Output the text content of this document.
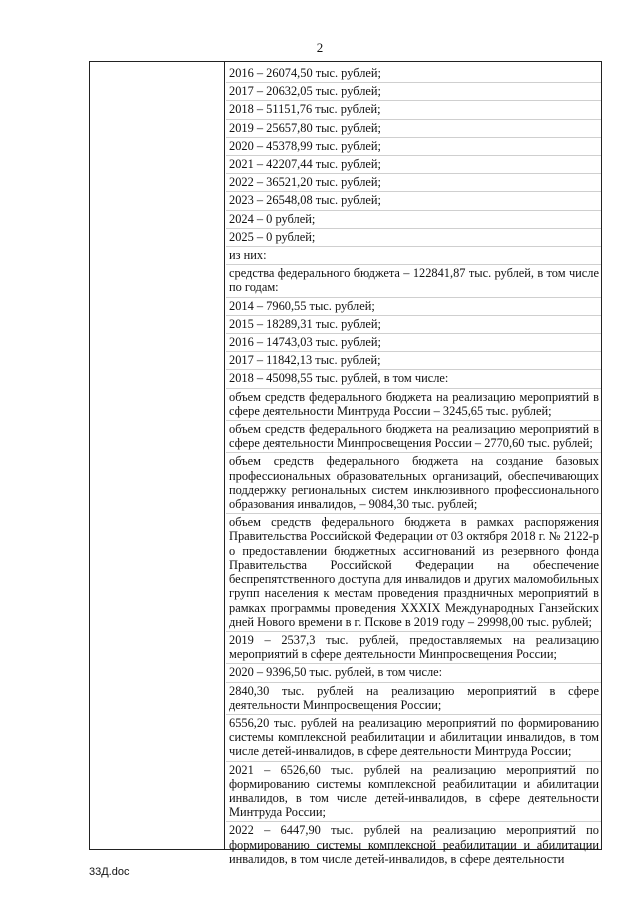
2
2016 – 26074,50 тыс. рублей;
2017 – 20632,05 тыс. рублей;
2018 – 51151,76 тыс. рублей;
2019 – 25657,80 тыс. рублей;
2020 – 45378,99 тыс. рублей;
2021 – 42207,44 тыс. рублей;
2022 – 36521,20 тыс. рублей;
2023 – 26548,08 тыс. рублей;
2024 – 0 рублей;
2025 – 0 рублей;
из них:
средства федерального бюджета – 122841,87 тыс. рублей, в том числе по годам:
2014 – 7960,55 тыс. рублей;
2015 – 18289,31 тыс. рублей;
2016 – 14743,03 тыс. рублей;
2017 – 11842,13 тыс. рублей;
2018 – 45098,55 тыс. рублей, в том числе:
объем средств федерального бюджета на реализацию мероприятий в сфере деятельности Минтруда России – 3245,65 тыс. рублей;
объем средств федерального бюджета на реализацию мероприятий в сфере деятельности Минпросвещения России – 2770,60 тыс. рублей;
объем средств федерального бюджета на создание базовых профессиональных образовательных организаций, обеспечивающих поддержку региональных систем инклюзивного профессионального образования инвалидов, – 9084,30 тыс. рублей;
объем средств федерального бюджета в рамках распоряжения Правительства Российской Федерации от 03 октября 2018 г. № 2122-р о предоставлении бюджетных ассигнований из резервного фонда Правительства Российской Федерации на обеспечение беспрепятственного доступа для инвалидов и других маломобильных групп населения к местам проведения праздничных мероприятий в рамках программы проведения XXXIX Международных Ганзейских дней Нового времени в г. Пскове в 2019 году – 29998,00 тыс. рублей;
2019 – 2537,3 тыс. рублей, предоставляемых на реализацию мероприятий в сфере деятельности Минпросвещения России;
2020 – 9396,50 тыс. рублей, в том числе:
2840,30 тыс. рублей на реализацию мероприятий в сфере деятельности Минпросвещения России;
6556,20 тыс. рублей на реализацию мероприятий по формированию системы комплексной реабилитации и абилитации инвалидов, в том числе детей-инвалидов, в сфере деятельности Минтруда России;
2021 – 6526,60 тыс. рублей на реализацию мероприятий по формированию системы комплексной реабилитации и абилитации инвалидов, в том числе детей-инвалидов, в сфере деятельности Минтруда России;
2022 – 6447,90 тыс. рублей на реализацию мероприятий по формированию системы комплексной реабилитации и абилитации инвалидов, в том числе детей-инвалидов, в сфере деятельности
33Д.doc
